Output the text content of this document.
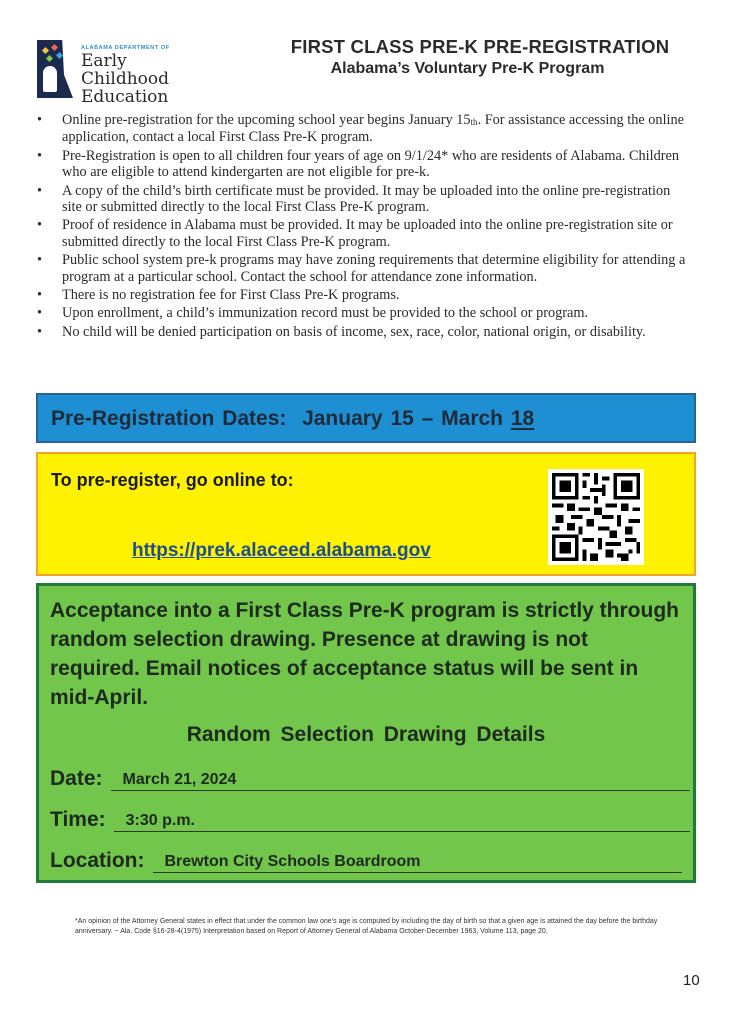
ALABAMA DEPARTMENT OF
Early Childhood
Education
FIRST CLASS PRE-K PRE-REGISTRATION
Alabama’s Voluntary Pre-K Program
• Online pre-registration for the upcoming school year begins January $15_{th}$. For assistance accessing the online application, contact a local First Class Pre-K program.
• Pre-Registration is open to all children four years of age on 9/1/24* who are residents of Alabama. Children who are eligible to attend kindergarten are not eligible for pre-k.
• A copy of the child’s birth certificate must be provided. It may be uploaded into the online pre-registration site or submitted directly to the local First Class Pre-K program.
• Proof of residence in Alabama must be provided. It may be uploaded into the online pre-registration site or submitted directly to the local First Class Pre-K program.
• Public school system pre-k programs may have zoning requirements that determine eligibility for attending a program at a particular school. Contact the school for attendance zone information.
• There is no registration fee for First Class Pre-K programs.
• Upon enrollment, a child’s immunization record must be provided to the school or program.
• No child will be denied participation on basis of income, sex, race, color, national origin, or disability.
Pre-Registration Dates: January 15 – March 18
To pre-register, go online to:
https://prek.alaceed.alabama.gov
Acceptance into a First Class Pre-K program is strictly through random selection drawing. Presence at drawing is not required. Email notices of acceptance status will be sent in mid-April.
Random Selection Drawing Details
Date:	March 21, 2024
Time:	3:30 p.m.
Location:	Brewton City Schools Boardroom
*An opinion of the Attorney General states in effect that under the common law one’s age is computed by including the day of birth so that a given age is attained the day before the birthday anniversary. ~ Ala. Code §16-28-4(1975) Interpretation based on Report of Attorney General of Alabama October-December 1963, Volume 113, page 20.
10
